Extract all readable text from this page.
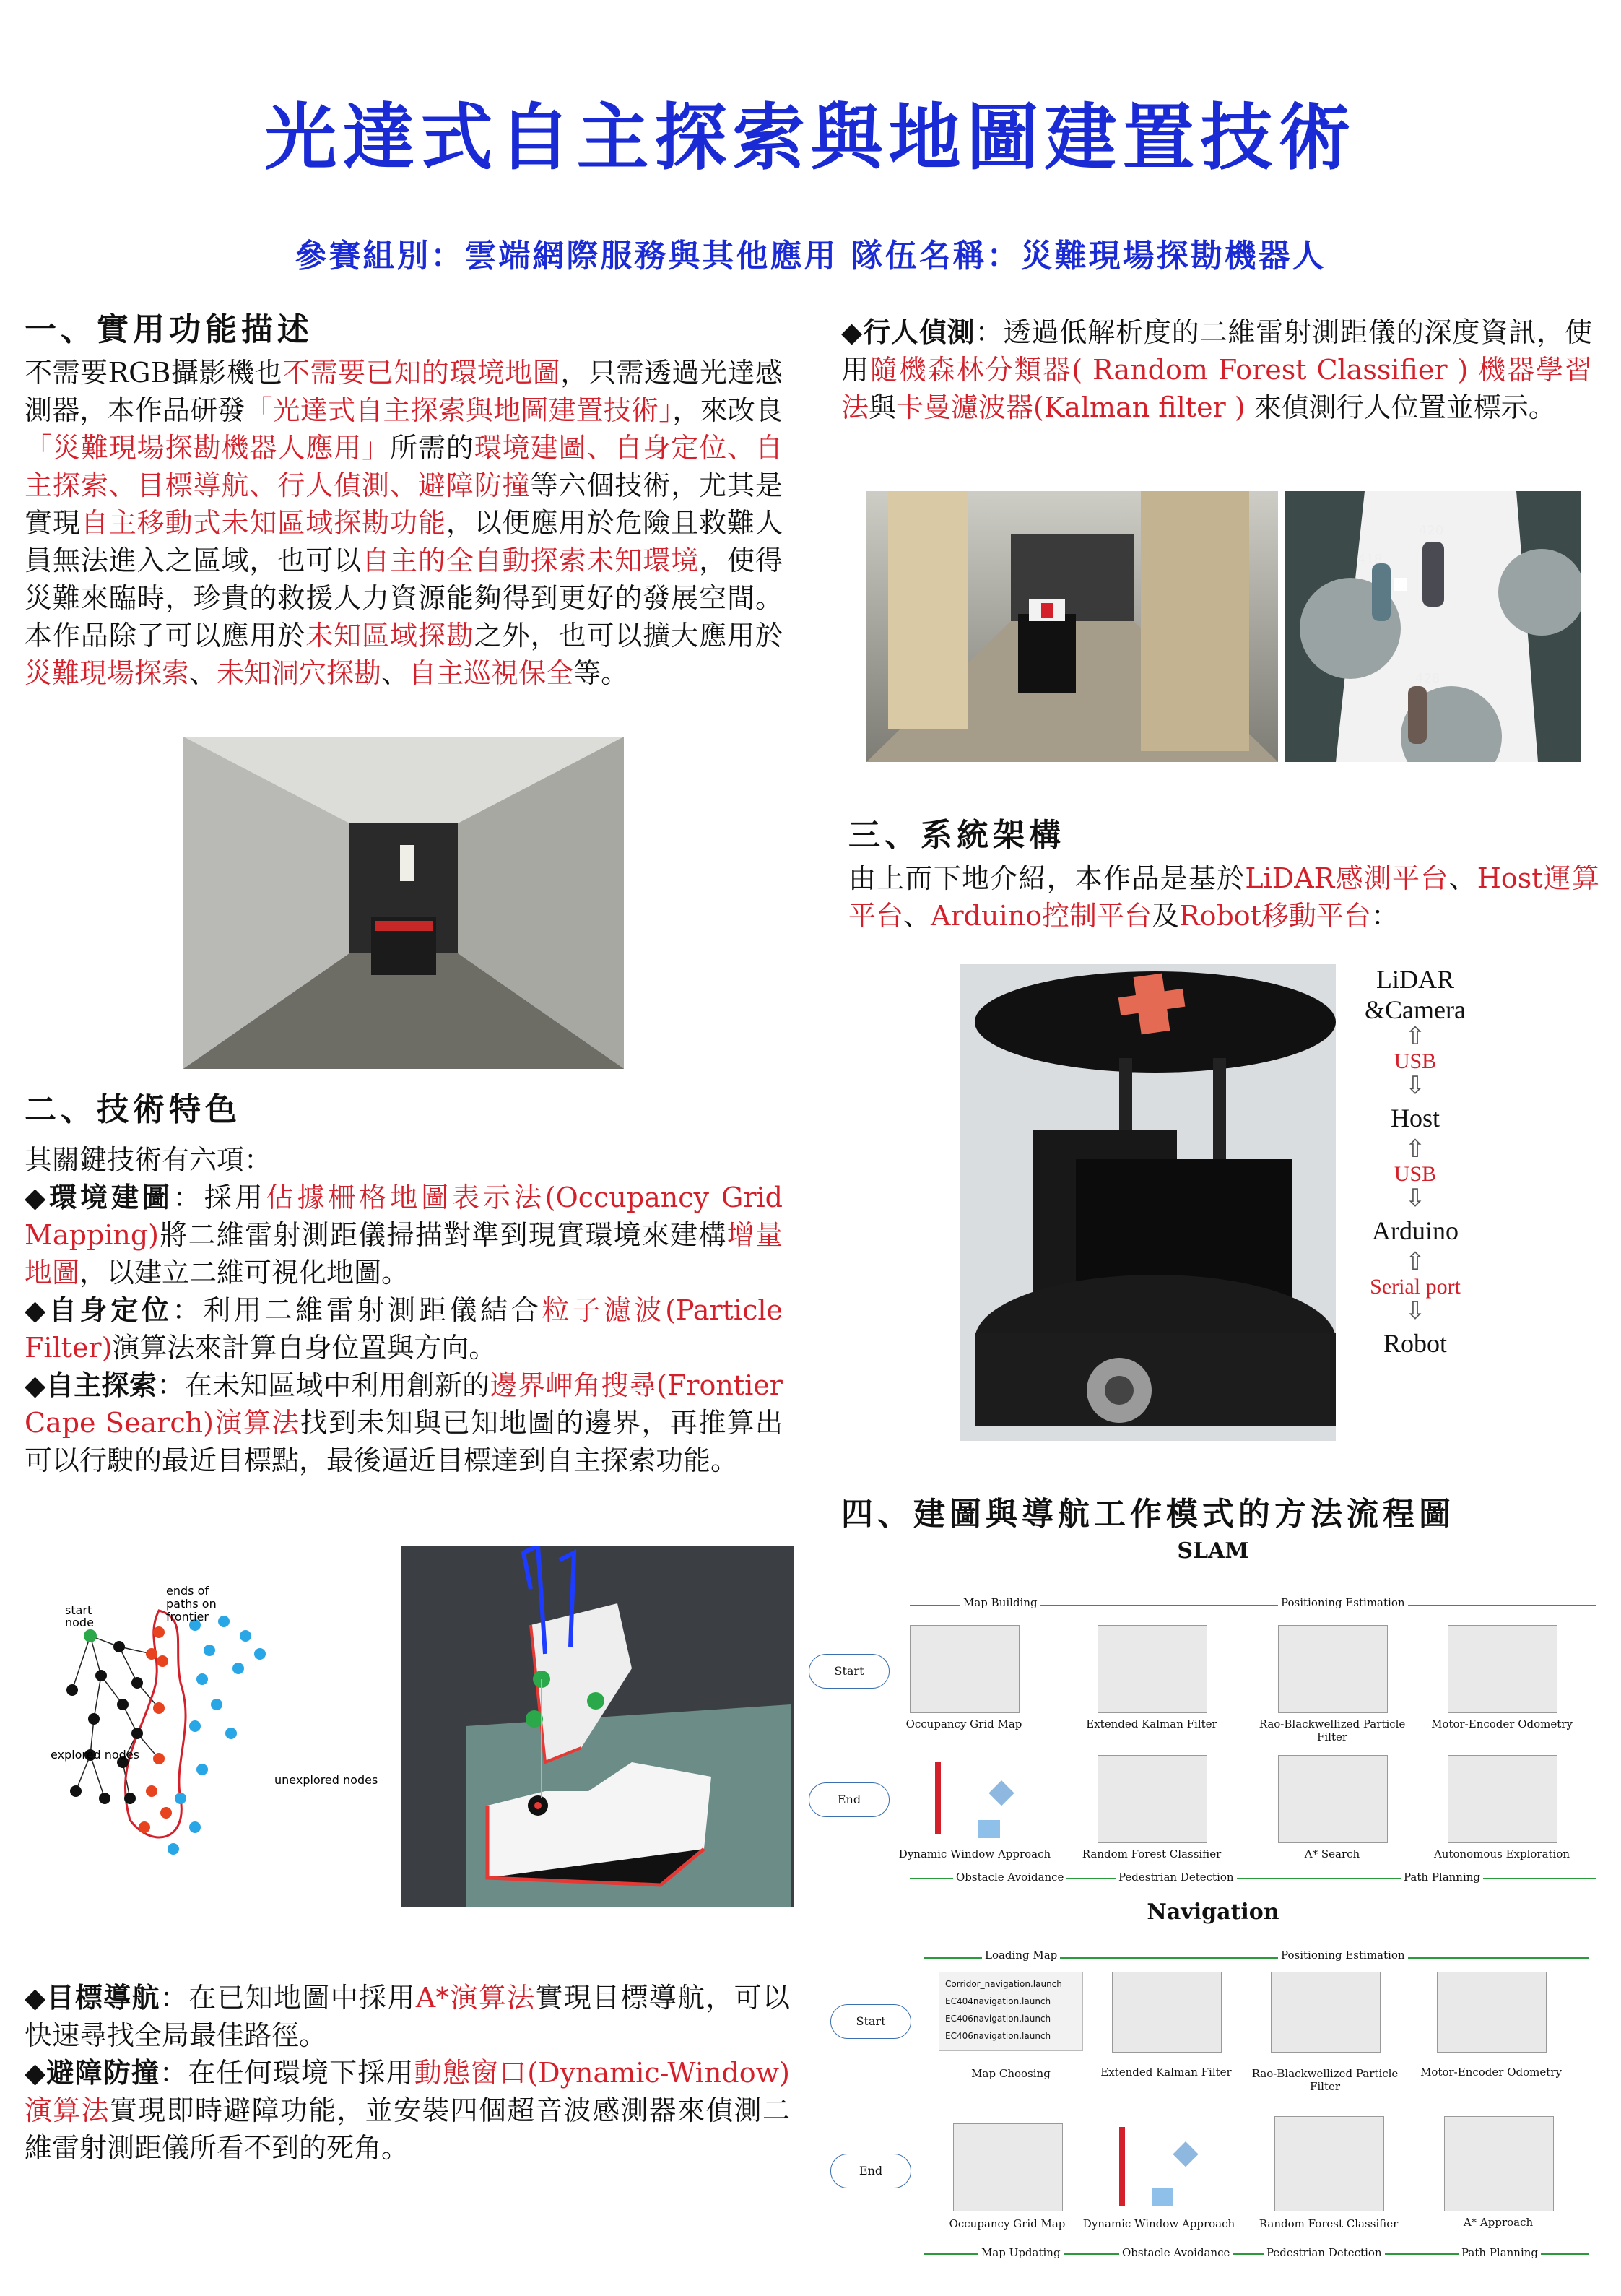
光達式自主探索與地圖建置技術
參賽組別：雲端網際服務與其他應用 隊伍名稱：災難現場探勘機器人
一、實用功能描述
不需要RGB攝影機也不需要已知的環境地圖，只需透過光達感測器，本作品研發「光達式自主探索與地圖建置技術」，來改良「災難現場探勘機器人應用」所需的環境建圖、自身定位、自主探索、目標導航、行人偵測、避障防撞等六個技術，尤其是實現自主移動式未知區域探勘功能，以便應用於危險且救難人員無法進入之區域，也可以自主的全自動探索未知環境，使得災難來臨時，珍貴的救援人力資源能夠得到更好的發展空間。本作品除了可以應用於未知區域探勘之外，也可以擴大應用於災難現場探索、未知洞穴探勘、自主巡視保全等。
二、技術特色
其關鍵技術有六項：
◆環境建圖：採用佔據柵格地圖表示法(Occupancy Grid Mapping)將二維雷射測距儀掃描對準到現實環境來建構增量地圖，以建立二維可視化地圖。
◆自身定位：利用二維雷射測距儀結合粒子濾波(Particle Filter)演算法來計算自身位置與方向。
◆自主探索：在未知區域中利用創新的邊界岬角搜尋(Frontier Cape Search)演算法找到未知與已知地圖的邊界，再推算出可以行駛的最近目標點，最後逼近目標達到自主探索功能。
ends of
paths on
frontier
start
node
explored nodes
unexplored nodes
◆目標導航：在已知地圖中採用A*演算法實現目標導航，可以快速尋找全局最佳路徑。
◆避障防撞：在任何環境下採用動態窗口(Dynamic-Window)演算法實現即時避障功能，並安裝四個超音波感測器來偵測二維雷射測距儀所看不到的死角。
◆行人偵測：透過低解析度的二維雷射測距儀的深度資訊，使用隨機森林分類器( Random Forest Classifier ) 機器學習法與卡曼濾波器(Kalman filter ) 來偵測行人位置並標示。
418
420
428
三、系統架構
由上而下地介紹，本作品是基於LiDAR感測平台、Host運算平台、Arduino控制平台及Robot移動平台：
LiDAR
&Camera
⇧
USB
⇩
Host
⇧
USB
⇩
Arduino
⇧
Serial port
⇩
Robot
四、建圖與導航工作模式的方法流程圖
SLAM
Map Building	Positioning Estimation
Obstacle Avoidance	Pedestrian Detection	Path Planning
Start
End
Occupancy Grid Map	Extended Kalman Filter	Rao-Blackwellized Particle Filter
Motor-Encoder Odometry
Dynamic Window Approach	Random Forest Classifier	A* Search	Autonomous Exploration
Navigation
Loading Map	Positioning Estimation
Map Updating	Obstacle Avoidance	Pedestrian Detection	Path Planning
Start
End
Corridor_navigation.launch
EC404navigation.launch
EC406navigation.launch
EC406navigation.launch
Map Choosing	Extended Kalman Filter	Rao-Blackwellized Particle Filter
Motor-Encoder Odometry
Occupancy Grid Map	Dynamic Window Approach	Random Forest Classifier	A* Approach
